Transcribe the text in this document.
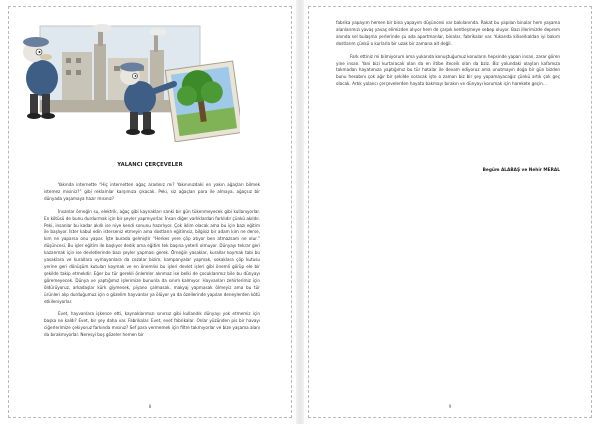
YALANCI ÇERÇEVELER

Yakında internette “Hiç internetten ağaç aradınız mı? Yakınınızdaki en yakın ağaçları bilmek istemez misiniz?” gibi reklamlar karşımıza çıkacak. Peki, siz ağaçları para ile almaya, ağaçsız bir dünyada yaşamaya hazır mısınız?

İnsanlar örneğin su, elektrik, ağaç gibi kaynakları sanki bir gün tükenmeyecek gibi kullanıyorlar. En kötüsü de bunu durdurmak için bir şeyler yapmıyorlar. İnsan diğer varlıklardan farklıdır çünkü akıldır. Peki, insanlar bu kadar akıllı ise niye kendi sonunu hazırlıyor. Çok iklim olacak ama bu için bazı eğitim ile başlıyor. İster kabul edin isterseniz etmeyin ama dostların eğitimsiz, bilgisiz bir adam kim ne derse, kim ne yaparsa onu yapar. İşte burada gelmiştir “Herkes yere çöp atıyor ben atmazsam ne olur.” düşüncesi. Bu işler eğitim ile başlıyor dedik ama eğitim tek başına yeterli olmuyor. Dünyayı tekrar geri kazanmak için ise devletlerinde bazı şeyler yapması gerek. Örneğin yasaklar, kurallar koymak tabi bu yasaklara ve kurallara uymayanlara da cezalar bizim, kampanyalar yapmak, sokaklara çöp kutusu yerine geri dönüşüm kutuları koymak ve en önemlisi bu işleri devlet işleri gibi önemli görüp ele bir şekilde takip etmekdir. Eğer bu tür gerekli önlemler alınmaz ise belki de çocuklarımız bile bu dünyayı göremeyecek. Dünya ve yaptığımız işlerimize bununla da sınırlı kalmıyor. Hayvanları zehirlerimiz için öldürüyoruz, arkadaşlar kürk giymesek, piyano çalmasak, makyaj yapmasak ölmeyiz ama bu tür ürünleri alıp durduğumuz için o gözelim hayvanlar ya ölüyor ya da özellerinde yapılan deneylerden kötü etkileniyorlar.

Evet, hayvanlara işkence etti, kaynaklarımızı sınırsız gibi kullandık dünyayı yok etmemiz için başka ne kaldı? Evet, bir şey daha var. Fabrikalar. Evet, evet fabrikalar. Onlar yüzünden pis bir havayı ciğerlerimize çekiyoruz farkında mısınız? Sef para vermemek için filtre takmıyorlar ve bize yaşama alanı da bırakmıyorlar. Neresyi boş gözeler hemen bir

8

fabrika yapayım hemen bir bina yapayım düşüncesi var bakılanında. Rakat bu yapılan binalar hem yaşama alanlarımızı yavaş yavaş elimizden alıyor hem de çarpık kentleşmeye sebep oluyor. Bazı illerimizde deprem anında sel bulaşma yerlerinde şu ada apartmanlar, binalar, fabrikalar var. Yukarıda kilise/kaldan iyi bakım dostlarım çünkü o kurlarla bir uzak bir zamana ait değil.

Fark ettiniz mi bilmiyorum ama yukarıda konuştuğumuz konuların hepsinde yapan insan, zarar gören yine insan. Yani bizi kurtaracak olan da en iltibe iteceik olan da bziz. Biz yolundaki olayları kafamıza takmadan hayatımıza yaptığımız bu tür hatalar ile devam ediyoruz ama unutmayın doğa bir gün bizden bunu hesabını çok ağır bir şekilde soracak işte o zaman biz bir şey yapamayacağız çünkü artık çok geç olacak. Artık yalancı çerçevelerden hayata bakmayı bırakın ve dünyayı korumak için harekete geçin…

Begüm ALABAŞ ve Nehir MERAL
9
